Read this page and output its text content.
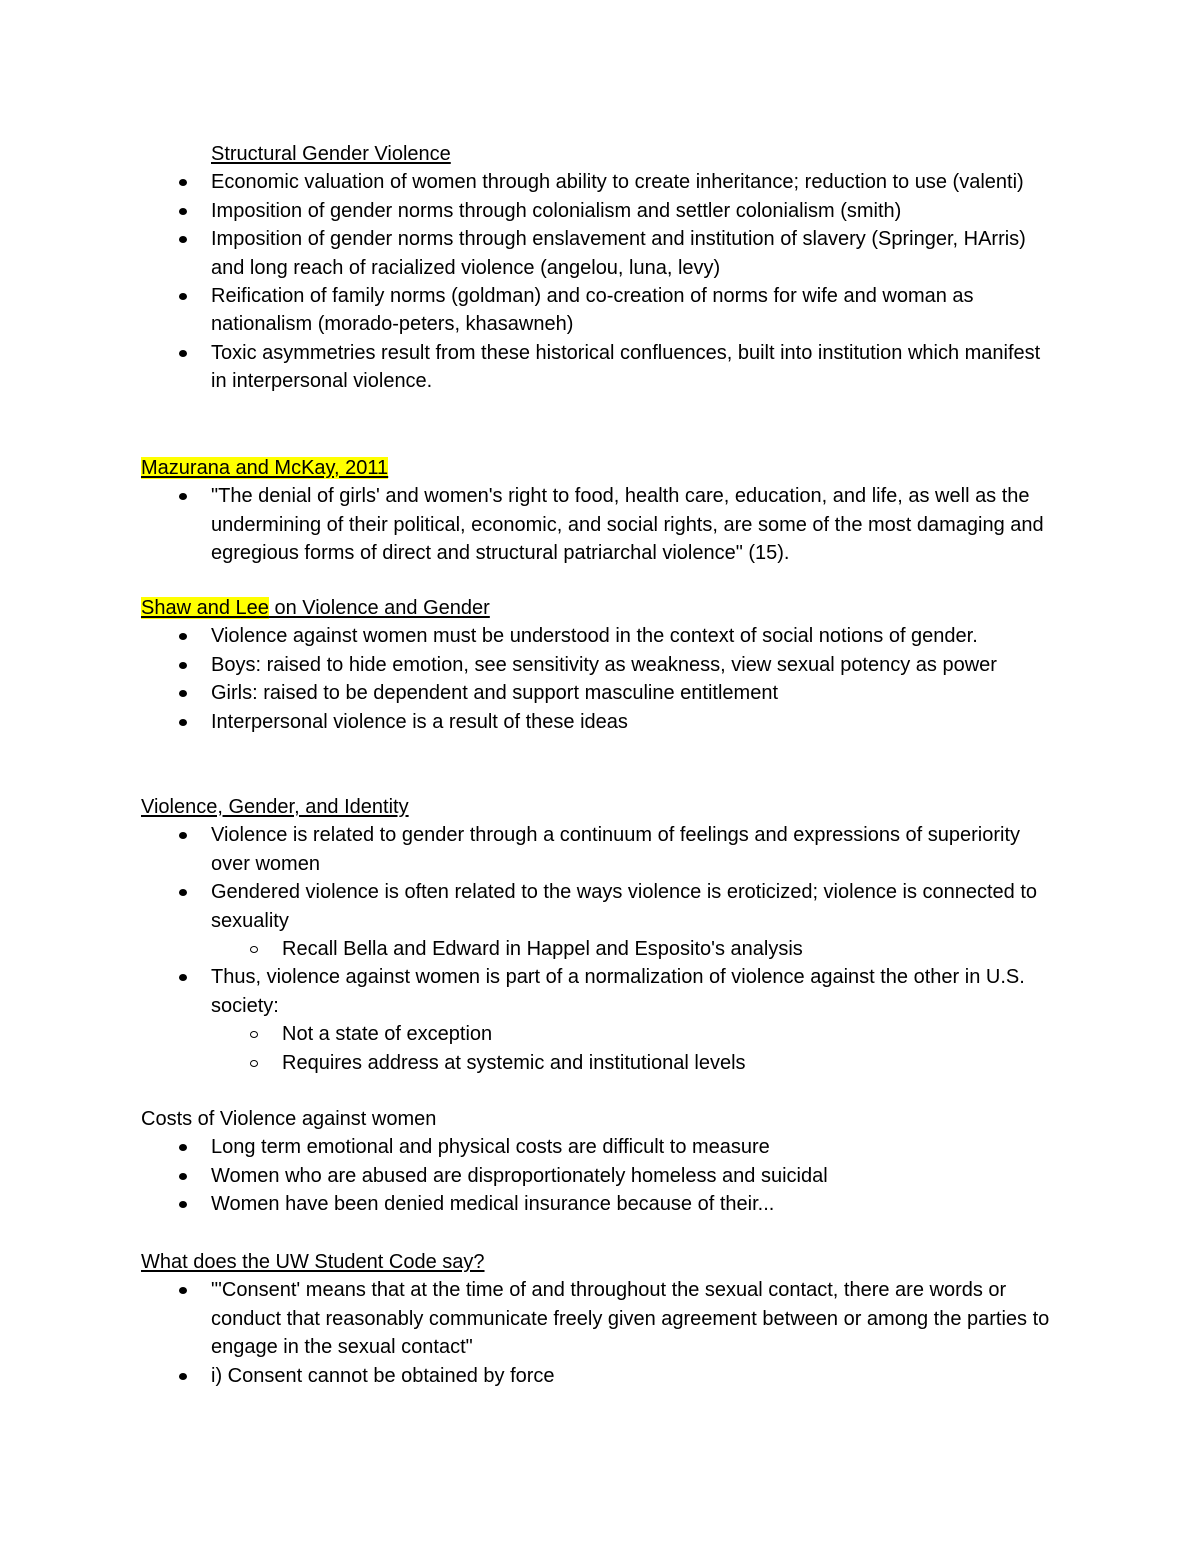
Structural Gender Violence
Economic valuation of women through ability to create inheritance; reduction to use (valenti)
Imposition of gender norms through colonialism and settler colonialism (smith)
Imposition of gender norms through enslavement and institution of slavery (Springer, HArris) and long reach of racialized violence (angelou, luna, levy)
Reification of family norms (goldman) and co-creation of norms for wife and woman as nationalism (morado-peters, khasawneh)
Toxic asymmetries result from these historical confluences, built into institution which manifest in interpersonal violence.
Mazurana and McKay, 2011
"The denial of girls' and women's right to food, health care, education, and life, as well as the undermining of their political, economic, and social rights, are some of the most damaging and egregious forms of direct and structural patriarchal violence" (15).
Shaw and Lee on Violence and Gender
Violence against women must be understood in the context of social notions of gender.
Boys: raised to hide emotion, see sensitivity as weakness, view sexual potency as power
Girls: raised to be dependent and support masculine entitlement
Interpersonal violence is a result of these ideas
Violence, Gender, and Identity
Violence is related to gender through a continuum of feelings and expressions of superiority over women
Gendered violence is often related to the ways violence is eroticized; violence is connected to sexuality
Recall Bella and Edward in Happel and Esposito's analysis
Thus, violence against women is part of a normalization of violence against the other in U.S. society:
Not a state of exception
Requires address at systemic and institutional levels
Costs of Violence against women
Long term emotional and physical costs are difficult to measure
Women who are abused are disproportionately homeless and suicidal
Women have been denied medical insurance because of their...
What does the UW Student Code say?
"'Consent' means that at the time of and throughout the sexual contact, there are words or conduct that reasonably communicate freely given agreement between or among the parties to engage in the sexual contact"
i) Consent cannot be obtained by force
